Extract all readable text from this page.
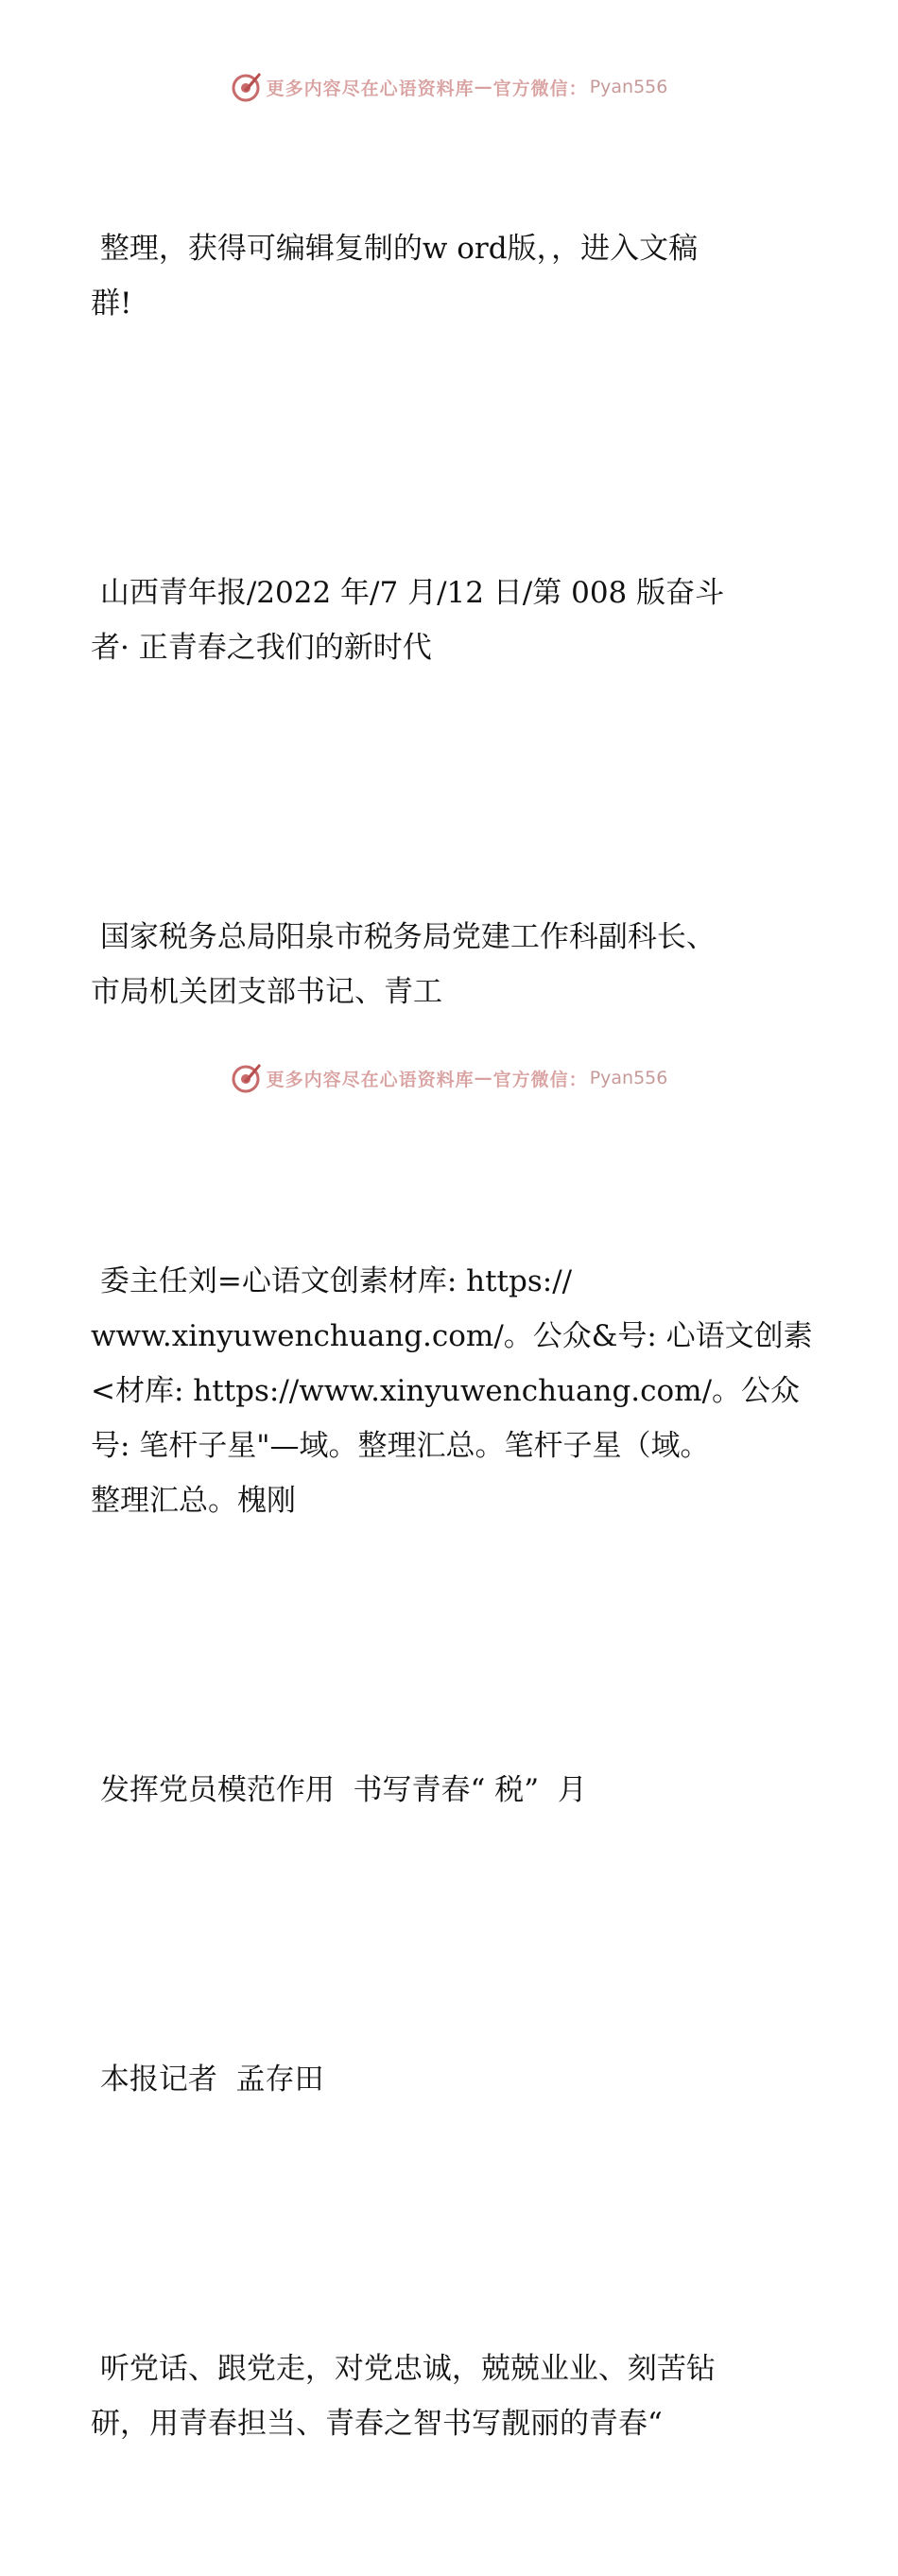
更多内容尽在心语资料库 — 官方微信： Pyan556

整理，获得可编辑复制的w ord版，，进入文稿
群!

山西青年报/2022 年/7 月/12 日/第 008 版奋斗
者· 正青春之我们的新时代

国家税务总局阳泉市税务局党建工作科副科长、
市局机关团支部书记、青工

委主任刘=心语文创素材库: https://
www.xinyuwenchuang.com/。公众&号: 心语文创素
<材库: https://www.xinyuwenchuang.com/。公众
号: 笔杆子星"—域。整理汇总。笔杆子星（域。
整理汇总。槐刚

发挥党员模范作用  书写青春“ 税”  月

本报记者  孟存田

听党话、跟党走，对党忠诚，兢兢业业、刻苦钻
研，用青春担当、青春之智书写靓丽的青春“

更多内容尽在心语资料库 — 官方微信： Pyan556
